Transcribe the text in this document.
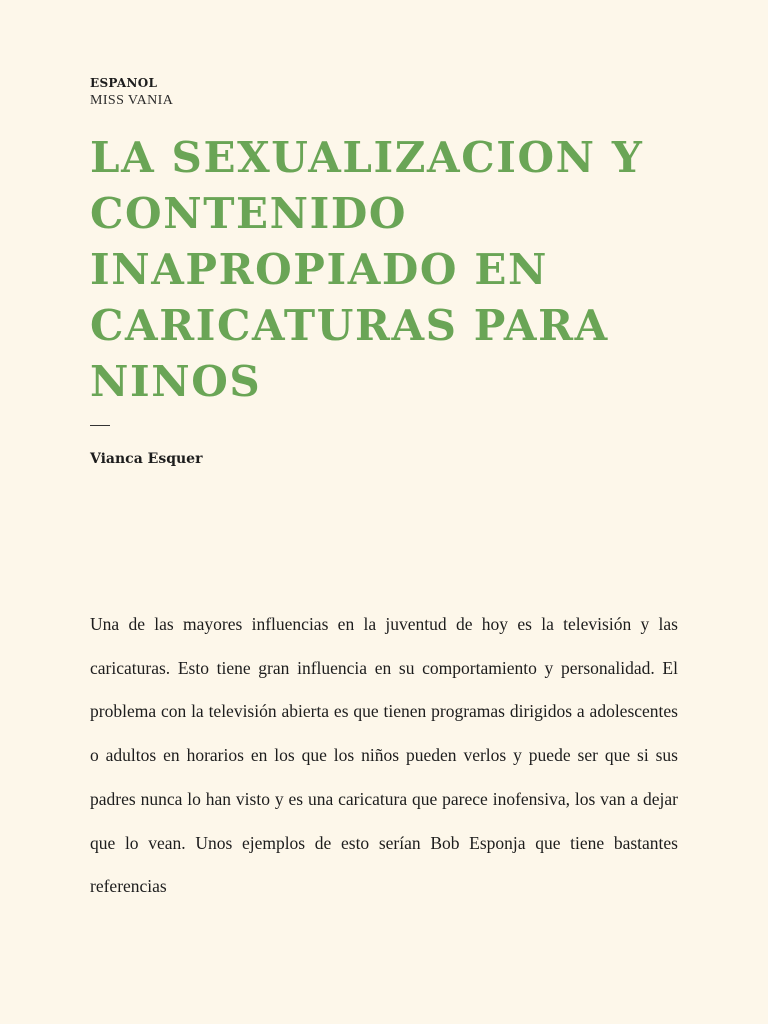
ESPANOL
MISS VANIA
LA SEXUALIZACION Y CONTENIDO INAPROPIADO EN CARICATURAS PARA NINOS
Vianca Esquer

Una de las mayores influencias en la juventud de hoy es la televisión y las caricaturas. Esto tiene gran influencia en su comportamiento y personalidad. El problema con la televisión abierta es que tienen programas dirigidos a adolescentes o adultos en horarios en los que los niños pueden verlos y puede ser que si sus padres nunca lo han visto y es una caricatura que parece inofensiva, los van a dejar que lo vean. Unos ejemplos de esto serían Bob Esponja que tiene bastantes referencias
